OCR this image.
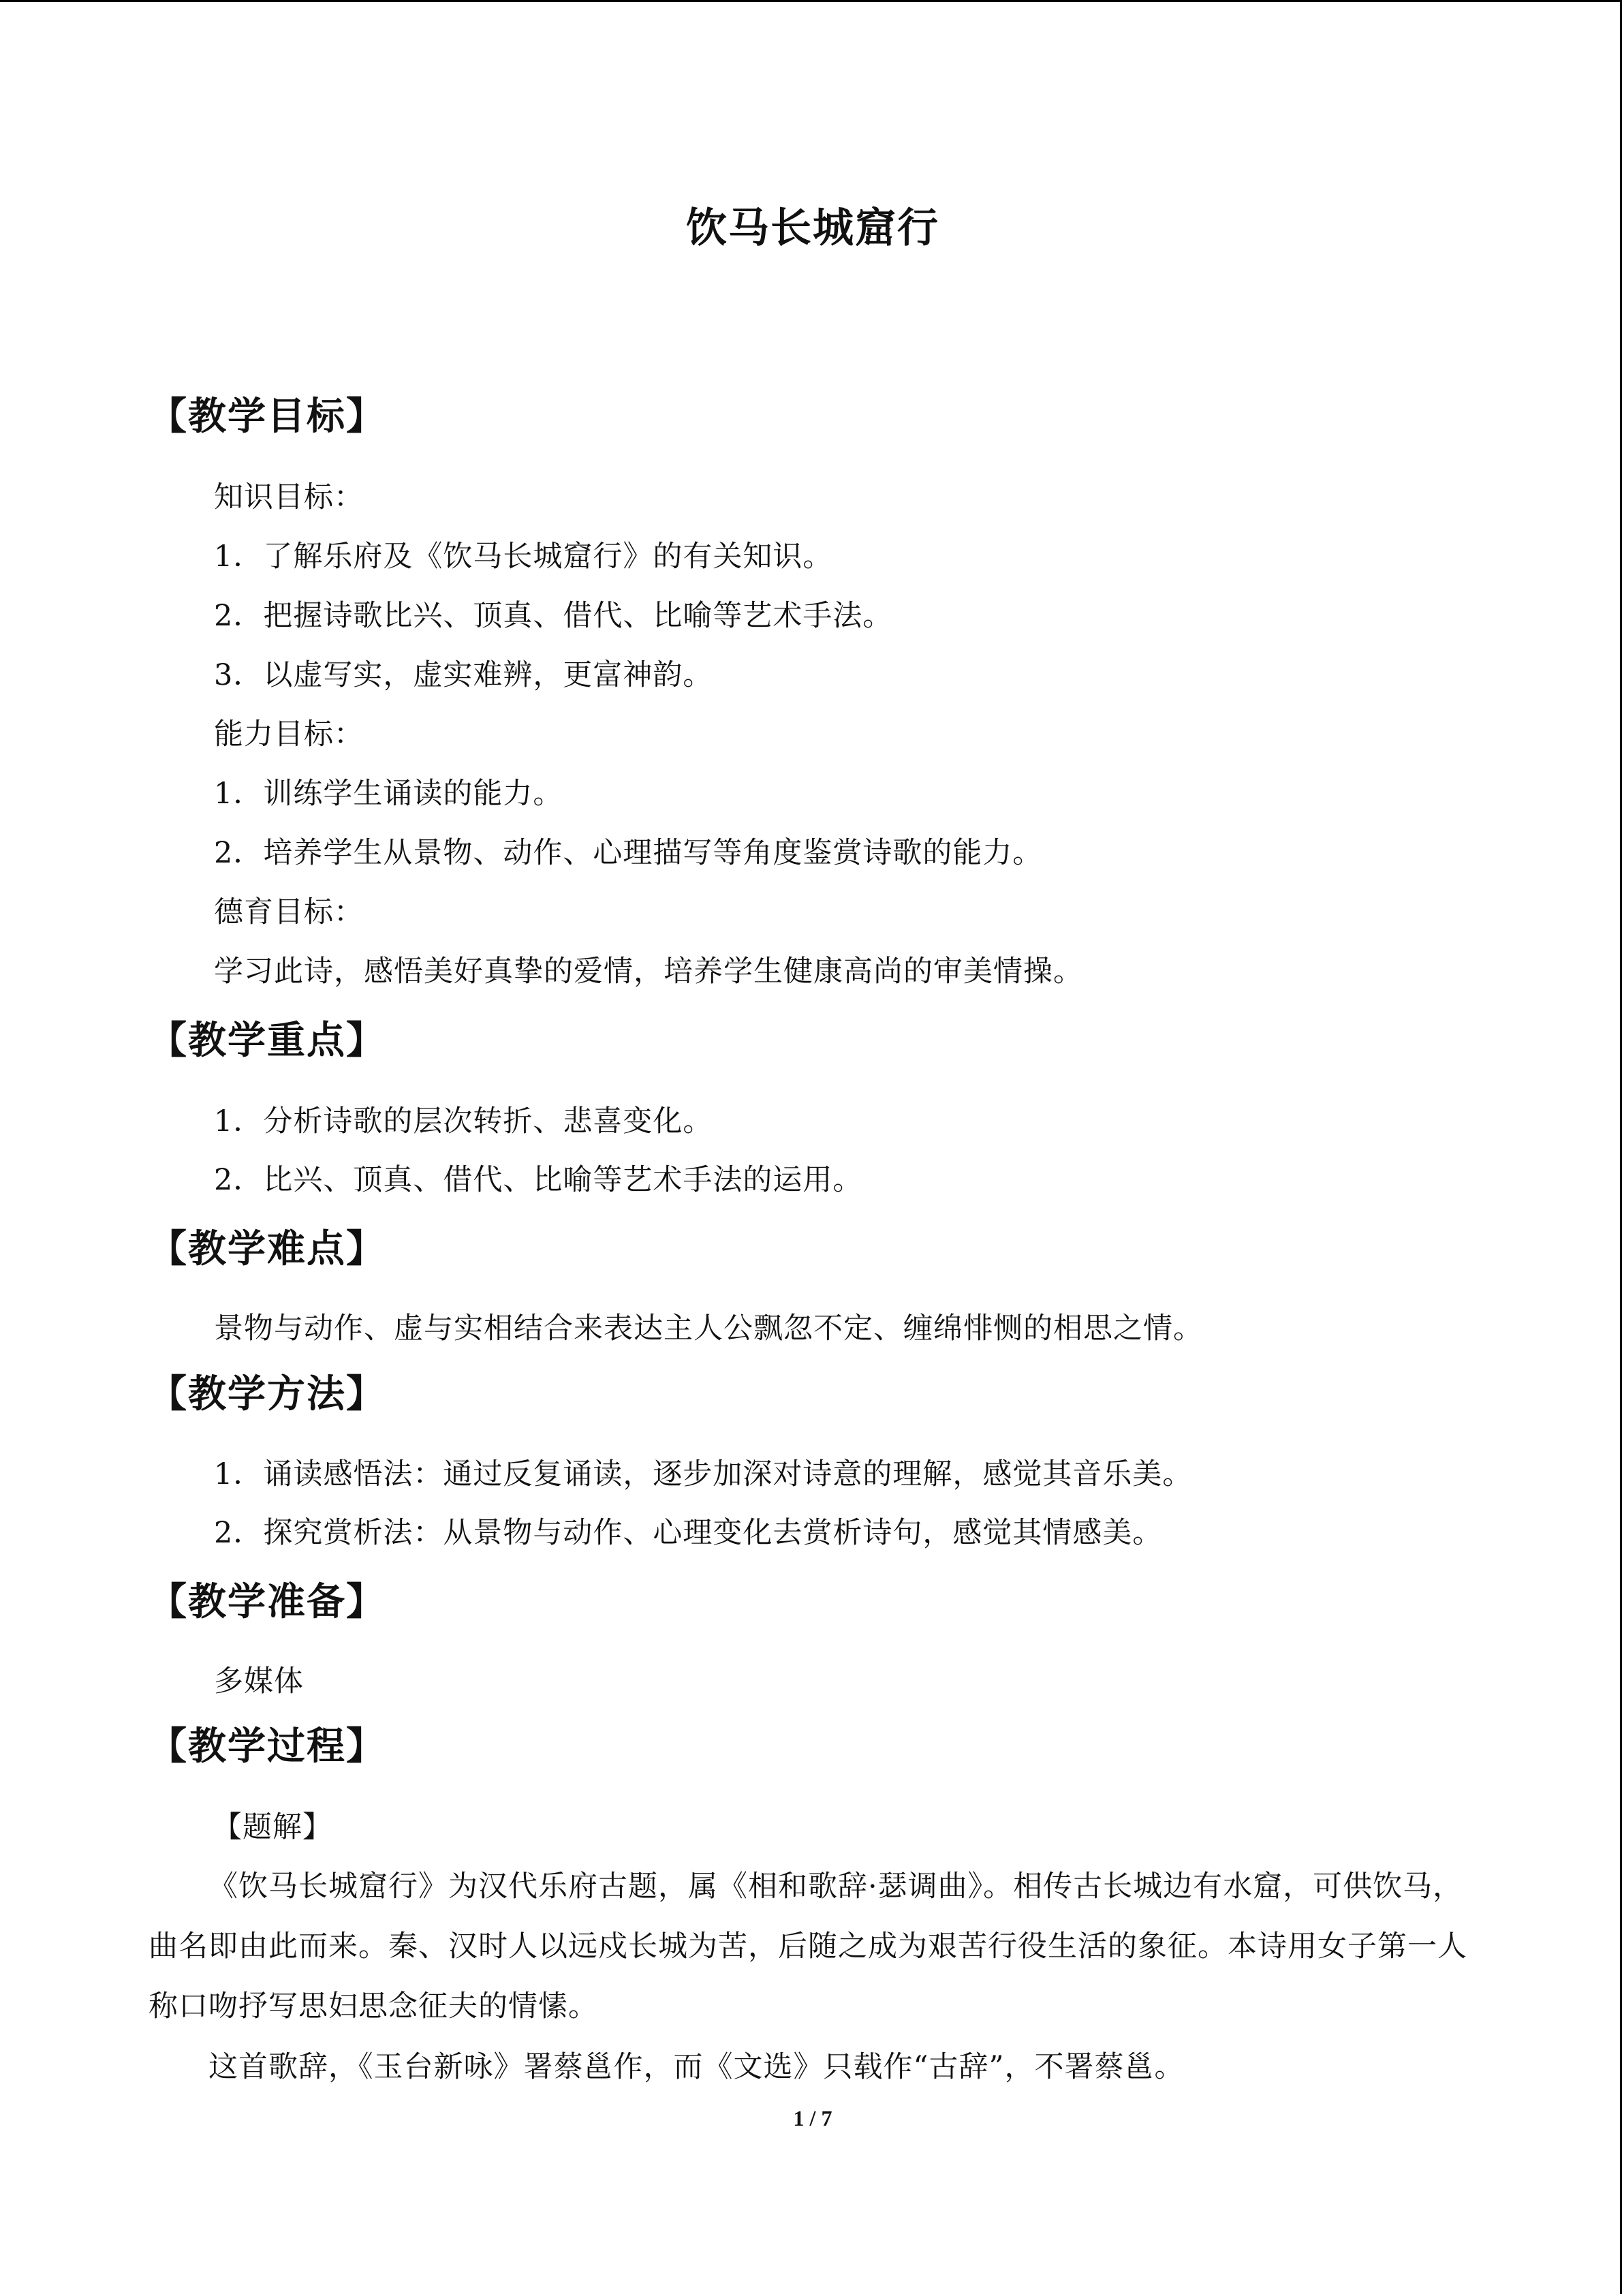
饮马长城窟行
【教学目标】
知识目标：
1．了解乐府及《饮马长城窟行》的有关知识。
2．把握诗歌比兴、顶真、借代、比喻等艺术手法。
3．以虚写实，虚实难辨，更富神韵。
能力目标：
1．训练学生诵读的能力。
2．培养学生从景物、动作、心理描写等角度鉴赏诗歌的能力。
德育目标：
学习此诗，感悟美好真挚的爱情，培养学生健康高尚的审美情操。
【教学重点】
1．分析诗歌的层次转折、悲喜变化。
2．比兴、顶真、借代、比喻等艺术手法的运用。
【教学难点】
景物与动作、虚与实相结合来表达主人公飘忽不定、缠绵悱恻的相思之情。
【教学方法】
1．诵读感悟法：通过反复诵读，逐步加深对诗意的理解，感觉其音乐美。
2．探究赏析法：从景物与动作、心理变化去赏析诗句，感觉其情感美。
【教学准备】
多媒体
【教学过程】
【题解】
《饮马长城窟行》为汉代乐府古题，属《相和歌辞·瑟调曲》。相传古长城边有水窟，可供饮马，曲名即由此而来。秦、汉时人以远戍长城为苦，后随之成为艰苦行役生活的象征。本诗用女子第一人称口吻抒写思妇思念征夫的情愫。
这首歌辞，《玉台新咏》署蔡邕作，而《文选》只载作“古辞”，不署蔡邕。
1 / 7
